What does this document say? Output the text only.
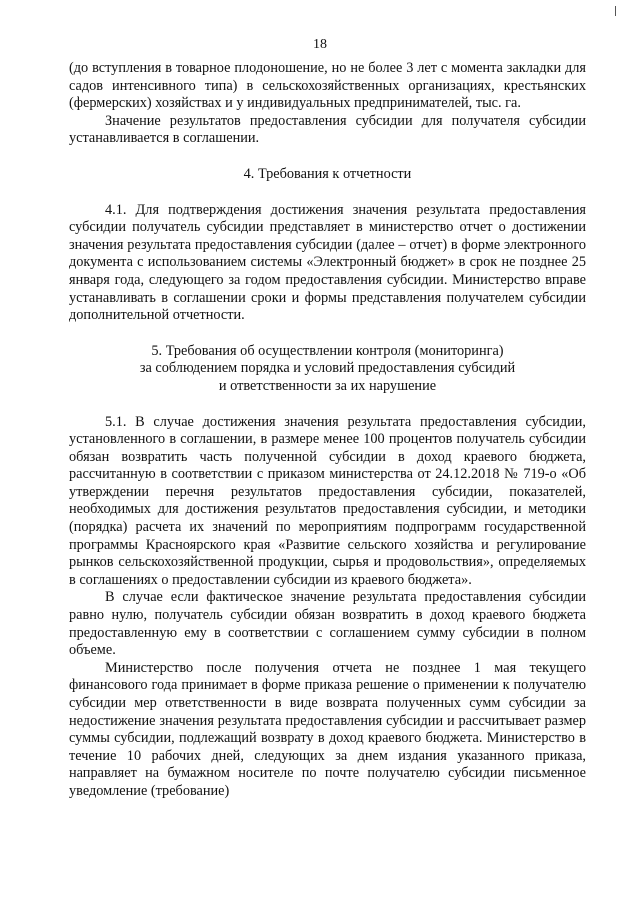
18

(до вступления в товарное плодоношение, но не более 3 лет с момента закладки для садов интенсивного типа) в сельскохозяйственных организациях, крестьянских (фермерских) хозяйствах и у индивидуальных предпринимателей, тыс. га.

Значение результатов предоставления субсидии для получателя субсидии устанавливается в соглашении.

4. Требования к отчетности

4.1. Для подтверждения достижения значения результата предоставления субсидии получатель субсидии представляет в министерство отчет о достижении значения результата предоставления субсидии (далее – отчет) в форме электронного документа с использованием системы «Электронный бюджет» в срок не позднее 25 января года, следующего за годом предоставления субсидии. Министерство вправе устанавливать в соглашении сроки и формы представления получателем субсидии дополнительной отчетности.

5. Требования об осуществлении контроля (мониторинга)

за соблюдением порядка и условий предоставления субсидий

и ответственности за их нарушение

5.1. В случае достижения значения результата предоставления субсидии, установленного в соглашении, в размере менее 100 процентов получатель субсидии обязан возвратить часть полученной субсидии в доход краевого бюджета, рассчитанную в соответствии с приказом министерства от 24.12.2018 № 719-о «Об утверждении перечня результатов предоставления субсидии, показателей, необходимых для достижения результатов предоставления субсидии, и методики (порядка) расчета их значений по мероприятиям подпрограмм государственной программы Красноярского края «Развитие сельского хозяйства и регулирование рынков сельскохозяйственной продукции, сырья и продовольствия», определяемых в соглашениях о предоставлении субсидии из краевого бюджета».

В случае если фактическое значение результата предоставления субсидии равно нулю, получатель субсидии обязан возвратить в доход краевого бюджета предоставленную ему в соответствии с соглашением сумму субсидии в полном объеме.

Министерство после получения отчета не позднее 1 мая текущего финансового года принимает в форме приказа решение о применении к получателю субсидии мер ответственности в виде возврата полученных сумм субсидии за недостижение значения результата предоставления субсидии и рассчитывает размер суммы субсидии, подлежащий возврату в доход краевого бюджета. Министерство в течение 10 рабочих дней, следующих за днем издания указанного приказа, направляет на бумажном носителе по почте получателю субсидии письменное уведомление (требование)
